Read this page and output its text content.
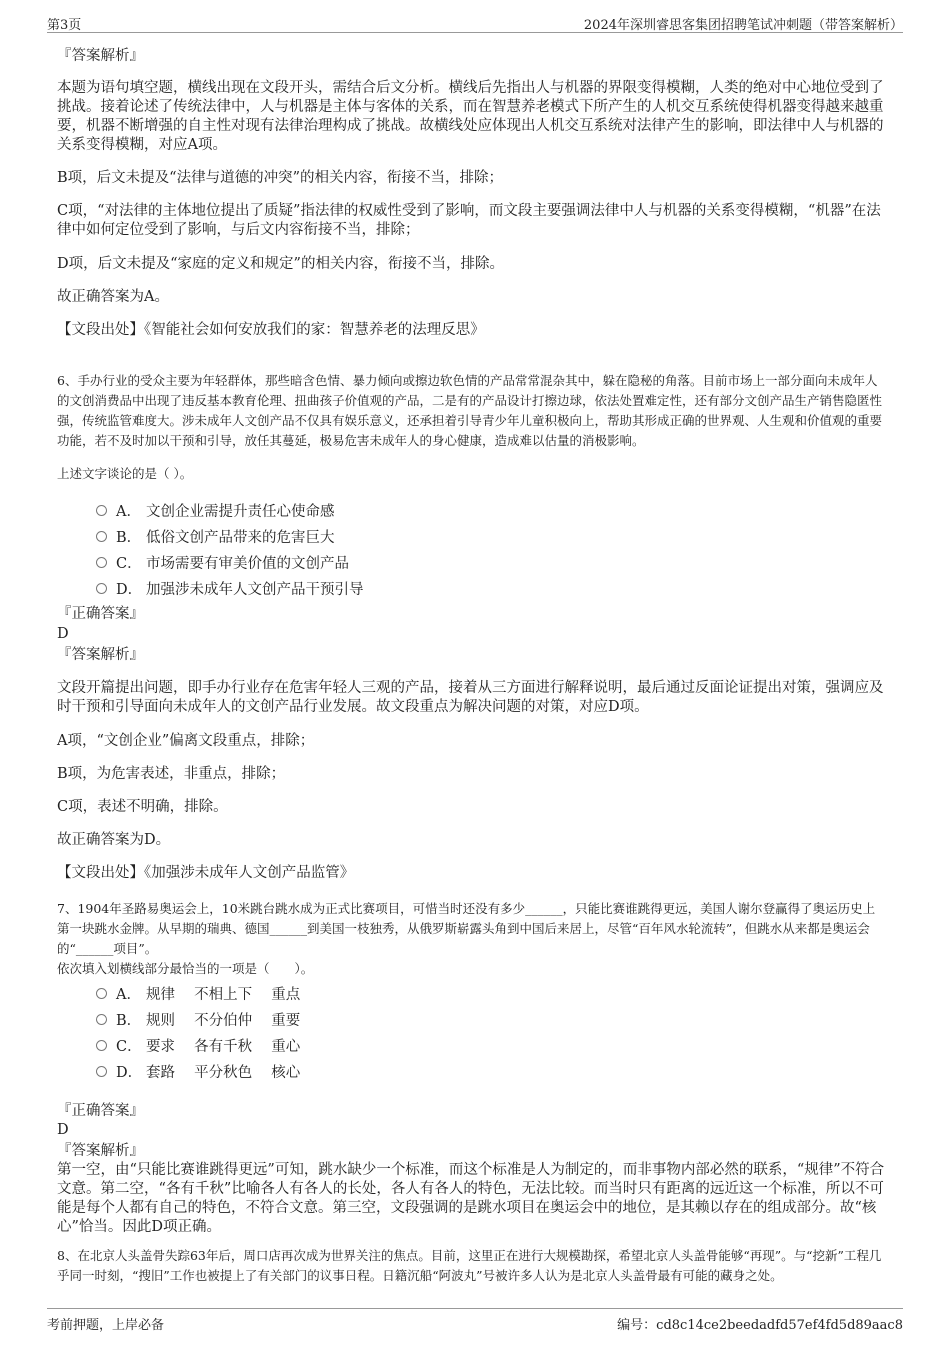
第3页	2024年深圳睿思客集团招聘笔试冲刺题（带答案解析）
『答案解析』
本题为语句填空题，横线出现在文段开头，需结合后文分析。横线后先指出人与机器的界限变得模糊，人类的绝对中心地位受到了挑战。接着论述了传统法律中，人与机器是主体与客体的关系，而在智慧养老模式下所产生的人机交互系统使得机器变得越来越重要，机器不断增强的自主性对现有法律治理构成了挑战。故横线处应体现出人机交互系统对法律产生的影响，即法律中人与机器的关系变得模糊，对应A项。
B项，后文未提及“法律与道德的冲突”的相关内容，衔接不当，排除；
C项，“对法律的主体地位提出了质疑”指法律的权威性受到了影响，而文段主要强调法律中人与机器的关系变得模糊，“机器”在法律中如何定位受到了影响，与后文内容衔接不当，排除；
D项，后文未提及“家庭的定义和规定”的相关内容，衔接不当，排除。
故正确答案为A。
【文段出处】《智能社会如何安放我们的家：智慧养老的法理反思》
6、手办行业的受众主要为年轻群体，那些暗含色情、暴力倾向或擦边软色情的产品常常混杂其中，躲在隐秘的角落。目前市场上一部分面向未成年人的文创消费品中出现了违反基本教育伦理、扭曲孩子价值观的产品，二是有的产品设计打擦边球，依法处置难定性，还有部分文创产品生产销售隐匿性强，传统监管难度大。涉未成年人文创产品不仅具有娱乐意义，还承担着引导青少年儿童积极向上，帮助其形成正确的世界观、人生观和价值观的重要功能，若不及时加以干预和引导，放任其蔓延，极易危害未成年人的身心健康，造成难以估量的消极影响。
上述文字谈论的是（ ）。
A． 文创企业需提升责任心使命感
B． 低俗文创产品带来的危害巨大
C． 市场需要有审美价值的文创产品
D． 加强涉未成年人文创产品干预引导
『正确答案』
D
『答案解析』
文段开篇提出问题，即手办行业存在危害年轻人三观的产品，接着从三方面进行解释说明，最后通过反面论证提出对策，强调应及时干预和引导面向未成年人的文创产品行业发展。故文段重点为解决问题的对策，对应D项。
A项，“文创企业”偏离文段重点，排除；
B项，为危害表述，非重点，排除；
C项，表述不明确，排除。
故正确答案为D。
【文段出处】《加强涉未成年人文创产品监管》
7、1904年圣路易奥运会上，10米跳台跳水成为正式比赛项目，可惜当时还没有多少______，只能比赛谁跳得更远，美国人谢尔登赢得了奥运历史上第一块跳水金牌。从早期的瑞典、德国______到美国一枝独秀，从俄罗斯崭露头角到中国后来居上，尽管“百年风水轮流转”，但跳水从来都是奥运会的“______项目”。
依次填入划横线部分最恰当的一项是（　　）。
A． 规律　 不相上下　 重点
B． 规则　 不分伯仲　 重要
C． 要求　 各有千秋　 重心
D． 套路　 平分秋色　 核心
『正确答案』
D
『答案解析』
第一空，由“只能比赛谁跳得更远”可知，跳水缺少一个标准，而这个标准是人为制定的，而非事物内部必然的联系，“规律”不符合文意。第二空，“各有千秋”比喻各人有各人的长处，各人有各人的特色，无法比较。而当时只有距离的远近这一个标准，所以不可能是每个人都有自己的特色，不符合文意。第三空，文段强调的是跳水项目在奥运会中的地位，是其赖以存在的组成部分。故“核心”恰当。因此D项正确。
8、在北京人头盖骨失踪63年后，周口店再次成为世界关注的焦点。目前，这里正在进行大规模勘探，希望北京人头盖骨能够“再现”。与“挖新”工程几乎同一时刻，“搜旧”工作也被提上了有关部门的议事日程。日籍沉船“阿波丸”号被许多人认为是北京人头盖骨最有可能的藏身之处。
考前押题，上岸必备	编号：cd8c14ce2beedadfd57ef4fd5d89aac8
